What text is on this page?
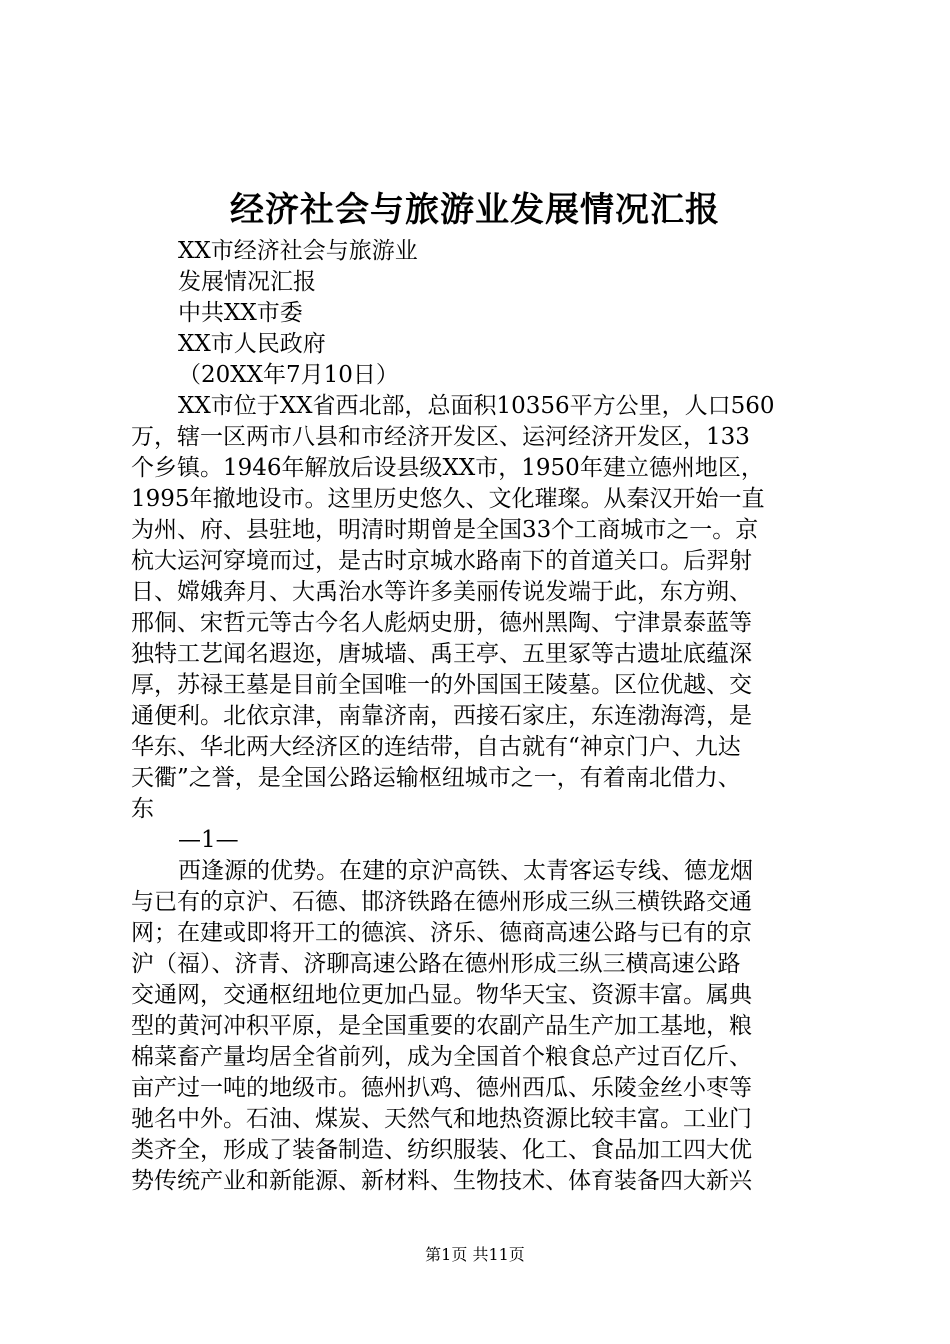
经济社会与旅游业发展情况汇报

XX市经济社会与旅游业

发展情况汇报

中共XX市委

XX市人民政府

（20XX年7月10日）

XX市位于XX省西北部，总面积10356平方公里，人口560

万，辖一区两市八县和市经济开发区、运河经济开发区，133

个乡镇。1946年解放后设县级XX市，1950年建立德州地区，

1995年撤地设市。这里历史悠久、文化璀璨。从秦汉开始一直

为州、府、县驻地，明清时期曾是全国33个工商城市之一。京

杭大运河穿境而过，是古时京城水路南下的首道关口。后羿射

日、嫦娥奔月、大禹治水等许多美丽传说发端于此，东方朔、

邢侗、宋哲元等古今名人彪炳史册，德州黑陶、宁津景泰蓝等

独特工艺闻名遐迩，唐城墙、禹王亭、五里冢等古遗址底蕴深

厚，苏禄王墓是目前全国唯一的外国国王陵墓。区位优越、交

通便利。北依京津，南靠济南，西接石家庄，东连渤海湾，是

华东、华北两大经济区的连结带，自古就有“神京门户、九达

天衢”之誉，是全国公路运输枢纽城市之一，有着南北借力、

东

—1—

西逢源的优势。在建的京沪高铁、太青客运专线、德龙烟

与已有的京沪、石德、邯济铁路在德州形成三纵三横铁路交通

网；在建或即将开工的德滨、济乐、德商高速公路与已有的京

沪（福）、济青、济聊高速公路在德州形成三纵三横高速公路

交通网，交通枢纽地位更加凸显。物华天宝、资源丰富。属典

型的黄河冲积平原，是全国重要的农副产品生产加工基地，粮

棉菜畜产量均居全省前列，成为全国首个粮食总产过百亿斤、

亩产过一吨的地级市。德州扒鸡、德州西瓜、乐陵金丝小枣等

驰名中外。石油、煤炭、天然气和地热资源比较丰富。工业门

类齐全，形成了装备制造、纺织服装、化工、食品加工四大优

势传统产业和新能源、新材料、生物技术、体育装备四大新兴

第1页 共11页
